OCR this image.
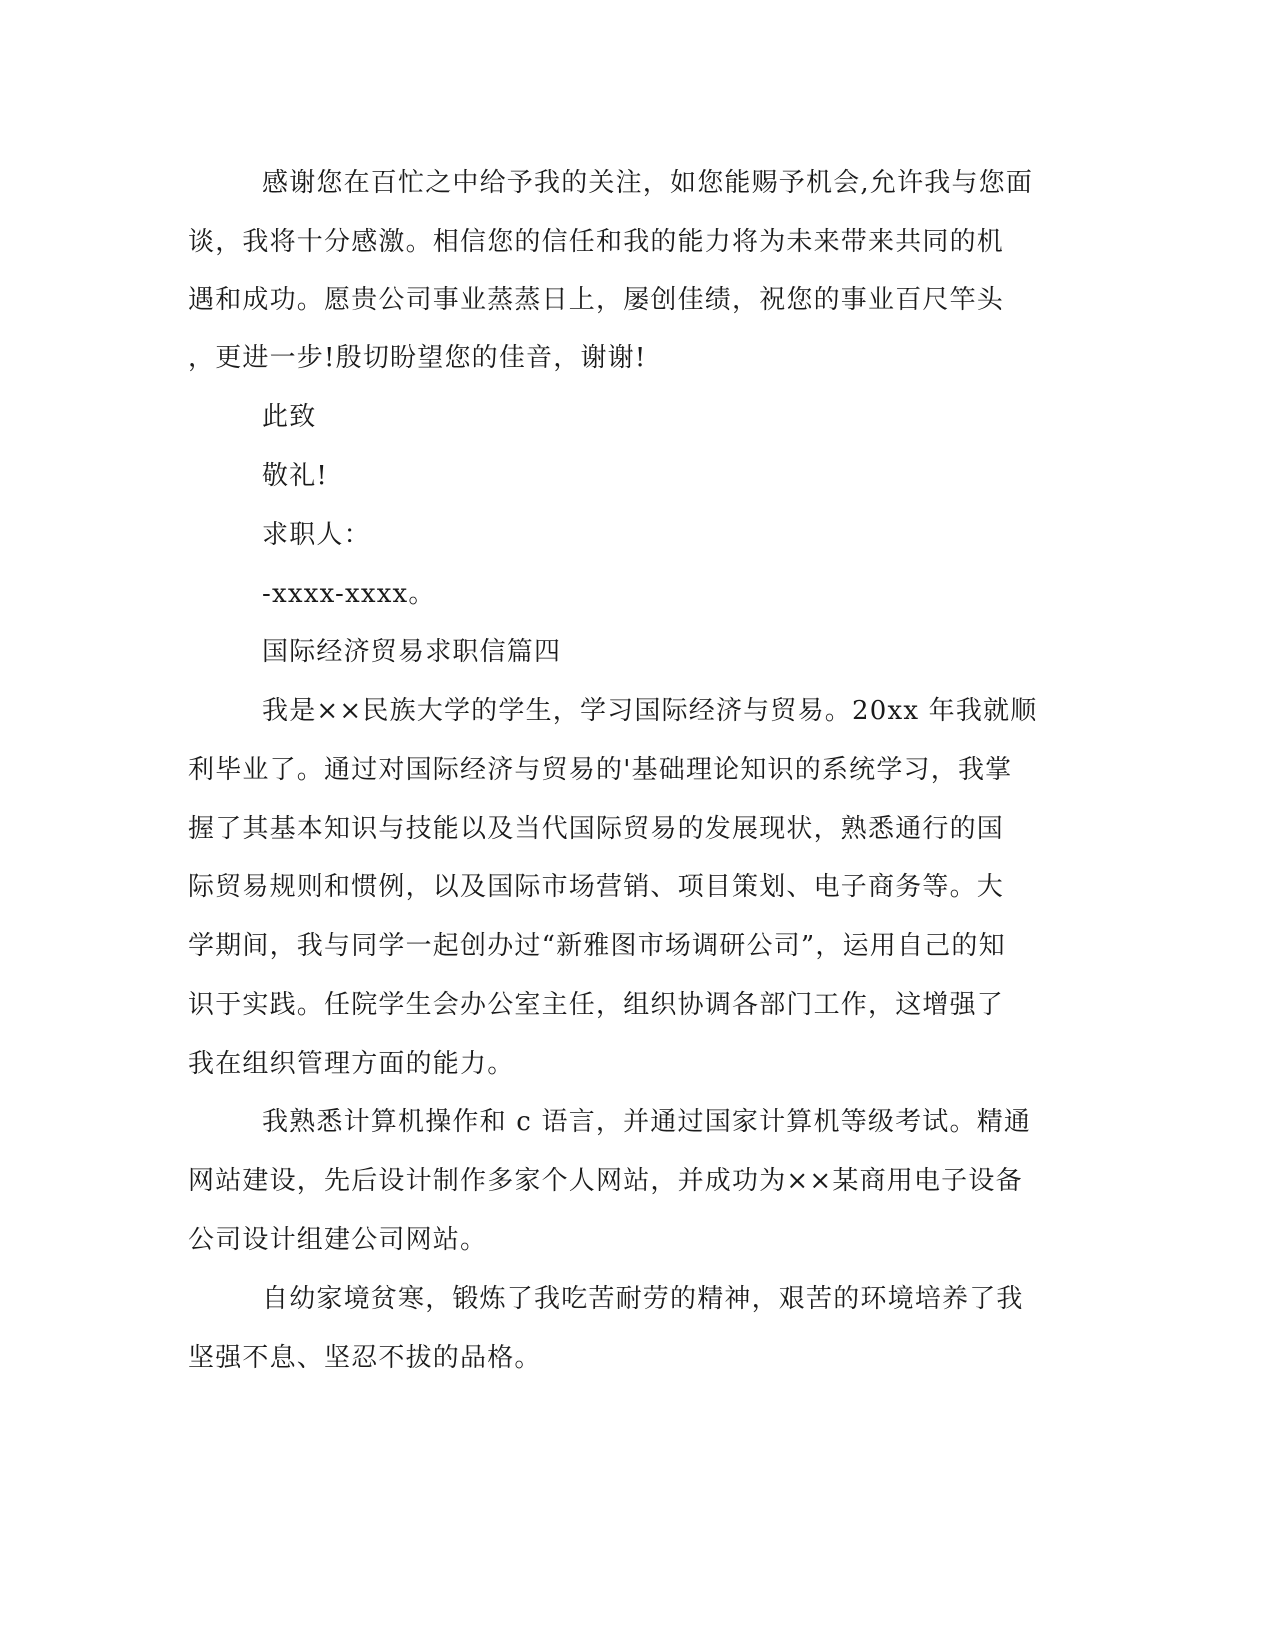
感谢您在百忙之中给予我的关注，如您能赐予机会,允许我与您面
谈，我将十分感激。相信您的信任和我的能力将为未来带来共同的机
遇和成功。愿贵公司事业蒸蒸日上，屡创佳绩，祝您的事业百尺竿头
，更进一步!殷切盼望您的佳音，谢谢!
此致
敬礼!
求职人：
-xxxx-xxxx。
国际经济贸易求职信篇四
我是××民族大学的学生，学习国际经济与贸易。20xx 年我就顺
利毕业了。通过对国际经济与贸易的'基础理论知识的系统学习，我掌
握了其基本知识与技能以及当代国际贸易的发展现状，熟悉通行的国
际贸易规则和惯例，以及国际市场营销、项目策划、电子商务等。大
学期间，我与同学一起创办过“新雅图市场调研公司”，运用自己的知
识于实践。任院学生会办公室主任，组织协调各部门工作，这增强了
我在组织管理方面的能力。
我熟悉计算机操作和 c 语言，并通过国家计算机等级考试。精通
网站建设，先后设计制作多家个人网站，并成功为××某商用电子设备
公司设计组建公司网站。
自幼家境贫寒，锻炼了我吃苦耐劳的精神，艰苦的环境培养了我
坚强不息、坚忍不拔的品格。
